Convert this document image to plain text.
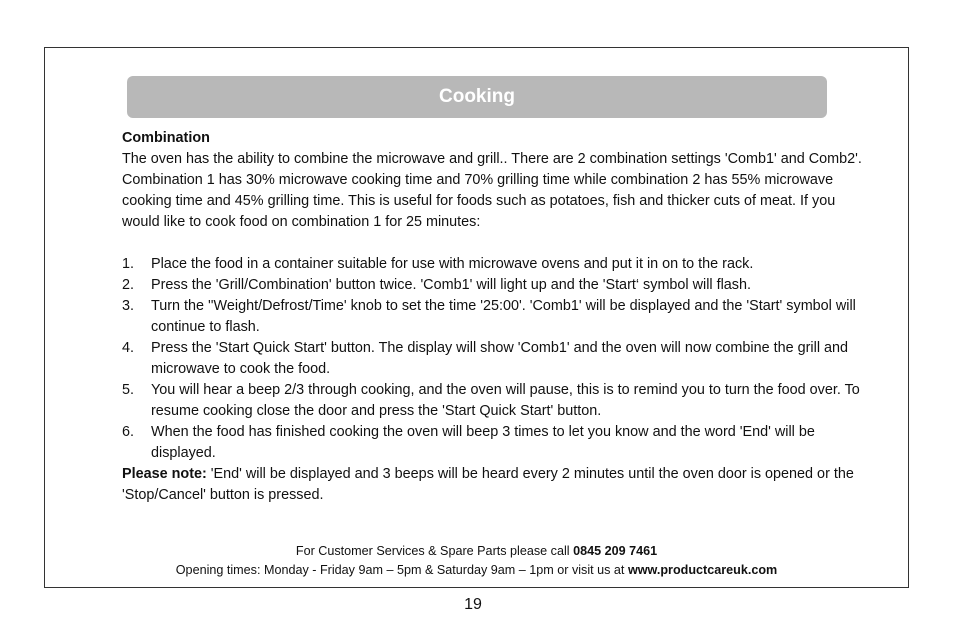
Cooking
Combination

The oven has the ability to combine the microwave and grill.. There are 2 combination settings 'Comb1' and Comb2'. Combination 1 has 30% microwave cooking time and 70% grilling time while combination 2 has 55% microwave cooking time and 45% grilling time. This is useful for foods such as potatoes, fish and thicker cuts of meat. If you would like to cook food on combination 1 for 25 minutes:

1.	Place the food in a container suitable for use with microwave ovens and put it in on to the rack.
2.	Press the 'Grill/Combination' button twice. 'Comb1' will light up and the 'Start‘ symbol will flash.
3.	Turn the ''Weight/Defrost/Time' knob to set the time '25:00'. 'Comb1' will be displayed and the 'Start' symbol will continue to flash.
4.	Press the 'Start Quick Start' button. The display will show 'Comb1' and the oven will now combine the grill and microwave to cook the food.
5.	You will hear a beep 2/3 through cooking, and the oven will pause, this is to remind you to turn the food over. To resume cooking close the door and press the 'Start Quick Start' button.
6.	When the food has finished cooking the oven will beep 3 times to let you know and the word 'End' will be displayed.

Please note: 'End' will be displayed and 3 beeps will be heard every 2 minutes until the oven door is opened or the 'Stop/Cancel' button is pressed.

For Customer Services & Spare Parts please call 0845 209 7461
Opening times: Monday - Friday 9am – 5pm & Saturday 9am – 1pm or visit us at www.productcareuk.com
19
